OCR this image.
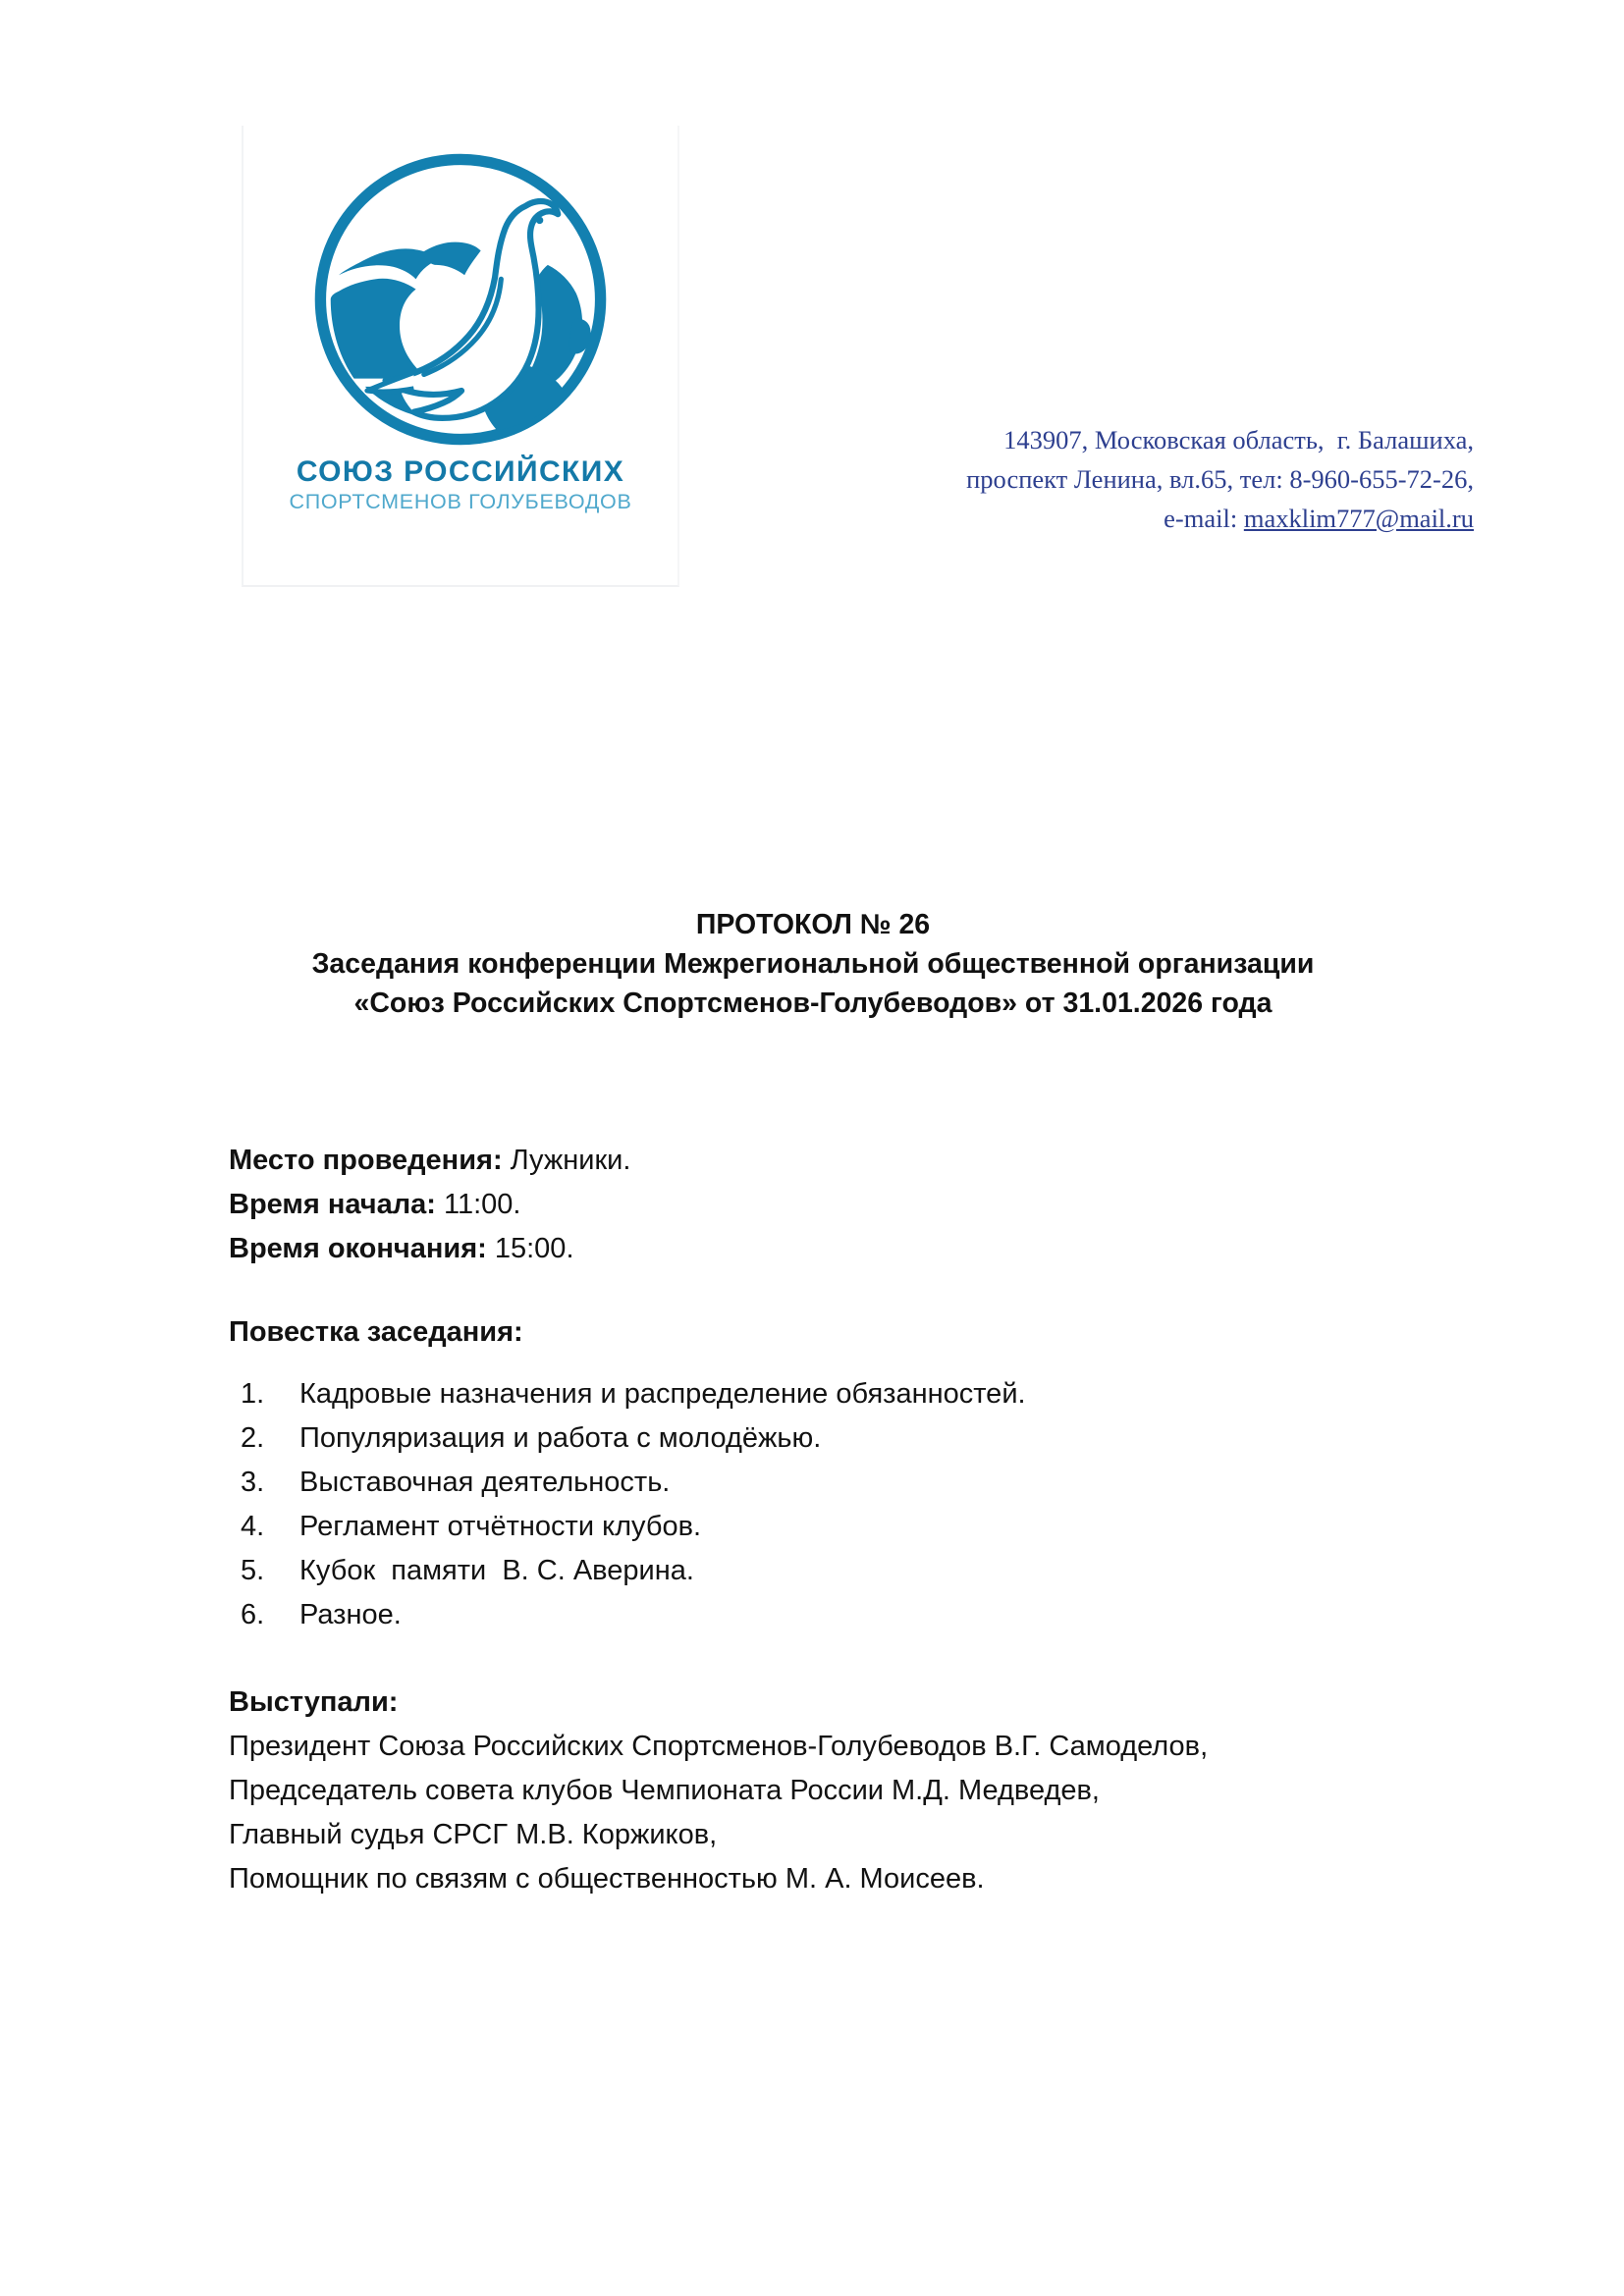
СОЮЗ РОССИЙСКИХ
СПОРТСМЕНОВ ГОЛУБЕВОДОВ
143907, Московская область,  г. Балашиха,
проспект Ленина, вл.65, тел: 8-960-655-72-26,
e-mail: maxklim777@mail.ru
ПРОТОКОЛ № 26
Заседания конференции Межрегиональной общественной организации
«Союз Российских Спортсменов-Голубеводов» от 31.01.2026 года
Место проведения: Лужники.
Время начала: 11:00.
Время окончания: 15:00.
Повестка заседания:
1.	Кадровые назначения и распределение обязанностей.
2.	Популяризация и работа с молодёжью.
3.	Выставочная деятельность.
4.	Регламент отчётности клубов.
5.	Кубок  памяти  В. С. Аверина.
6.	Разное.
Выступали:
Президент Союза Российских Спортсменов-Голубеводов В.Г. Самоделов,
Председатель совета клубов Чемпионата России М.Д. Медведев,
Главный судья СРСГ М.В. Коржиков,
Помощник по связям с общественностью М. А. Моисеев.
